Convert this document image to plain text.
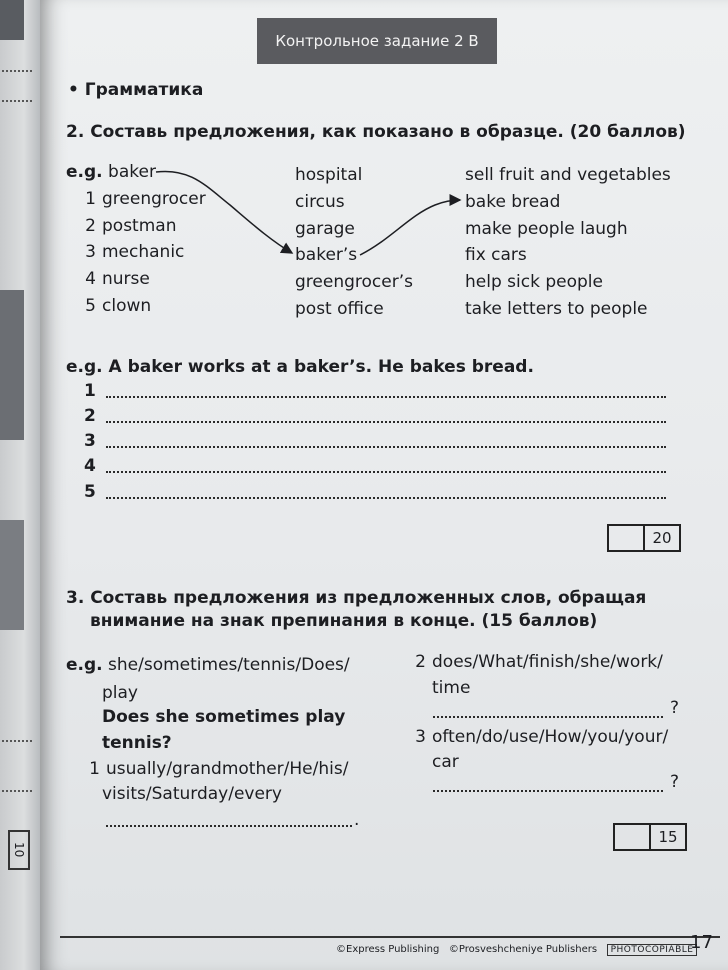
10
Контрольное задание 2 В
• Грамматика
2. Составь предложения, как показано в образце. (20 баллов)
e.g. baker
1 greengrocer
2 postman
3 mechanic
4 nurse
5 clown
hospital
circus
garage
baker’s
greengrocer’s
post office
sell fruit and vegetables
bake bread
make people laugh
fix cars
help sick people
take letters to people
e.g. A baker works at a baker’s. He bakes bread.
1
2
3
4
5
20
3. Составь предложения из предложенных слов, обращая
внимание на знак препинания в конце. (15 баллов)
e.g. she/sometimes/tennis/Does/
play
Does she sometimes play
tennis?
1 usually/grandmother/He/his/
visits/Saturday/every
.
2 does/What/finish/she/work/
time
?
3 often/do/use/How/you/your/
car
?
15
©Express Publishing ©Prosveshcheniye Publishers PHOTOCOPIABLE
17
